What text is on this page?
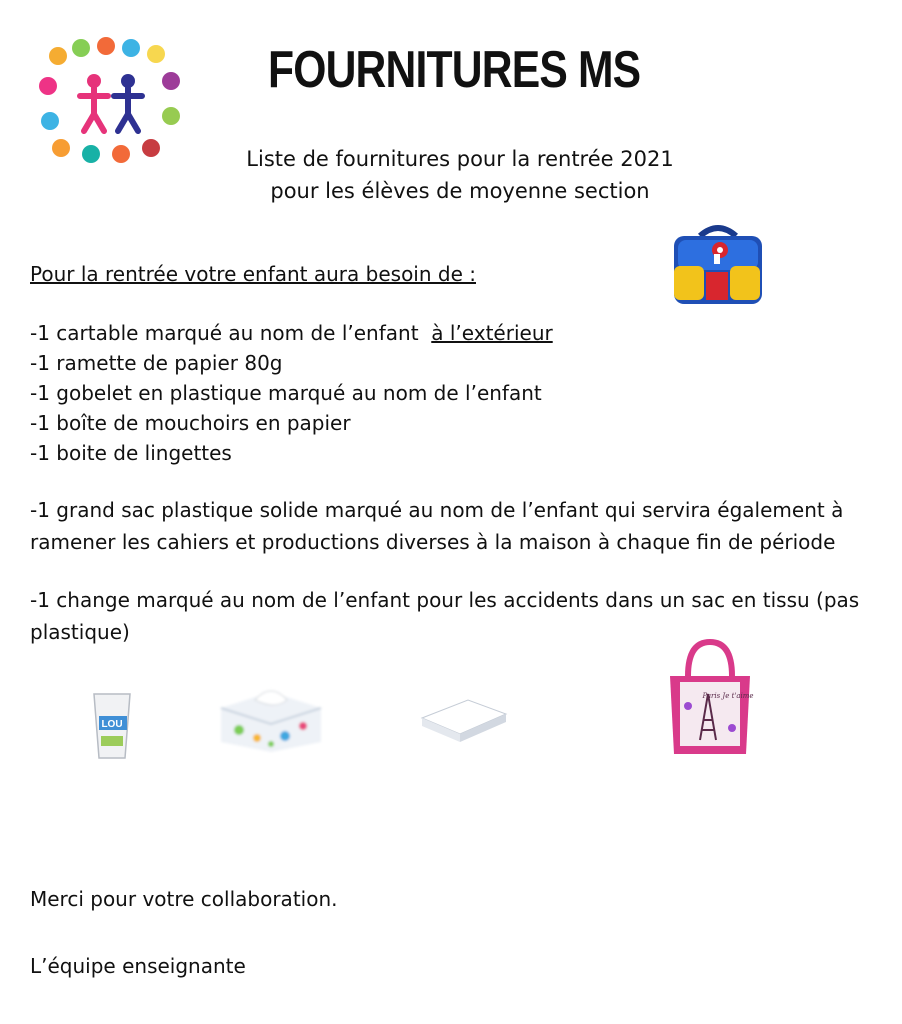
FOURNITURES MS
Liste de fournitures pour la rentrée 2021
pour les élèves de moyenne section
Pour la rentrée votre enfant aura besoin de :
-1 cartable marqué au nom de l’enfant à l’extérieur
-1 ramette de papier 80g
-1 gobelet en plastique marqué au nom de l’enfant
-1 boîte de mouchoirs en papier
-1 boite de lingettes
-1 grand sac plastique solide marqué au nom de l’enfant qui servira également à ramener les cahiers et productions diverses à la maison à chaque fin de période
-1 change marqué au nom de l’enfant pour les accidents dans un sac en tissu (pas plastique)
LOU
Paris Je t'aime
Merci pour votre collaboration.
L’équipe enseignante
